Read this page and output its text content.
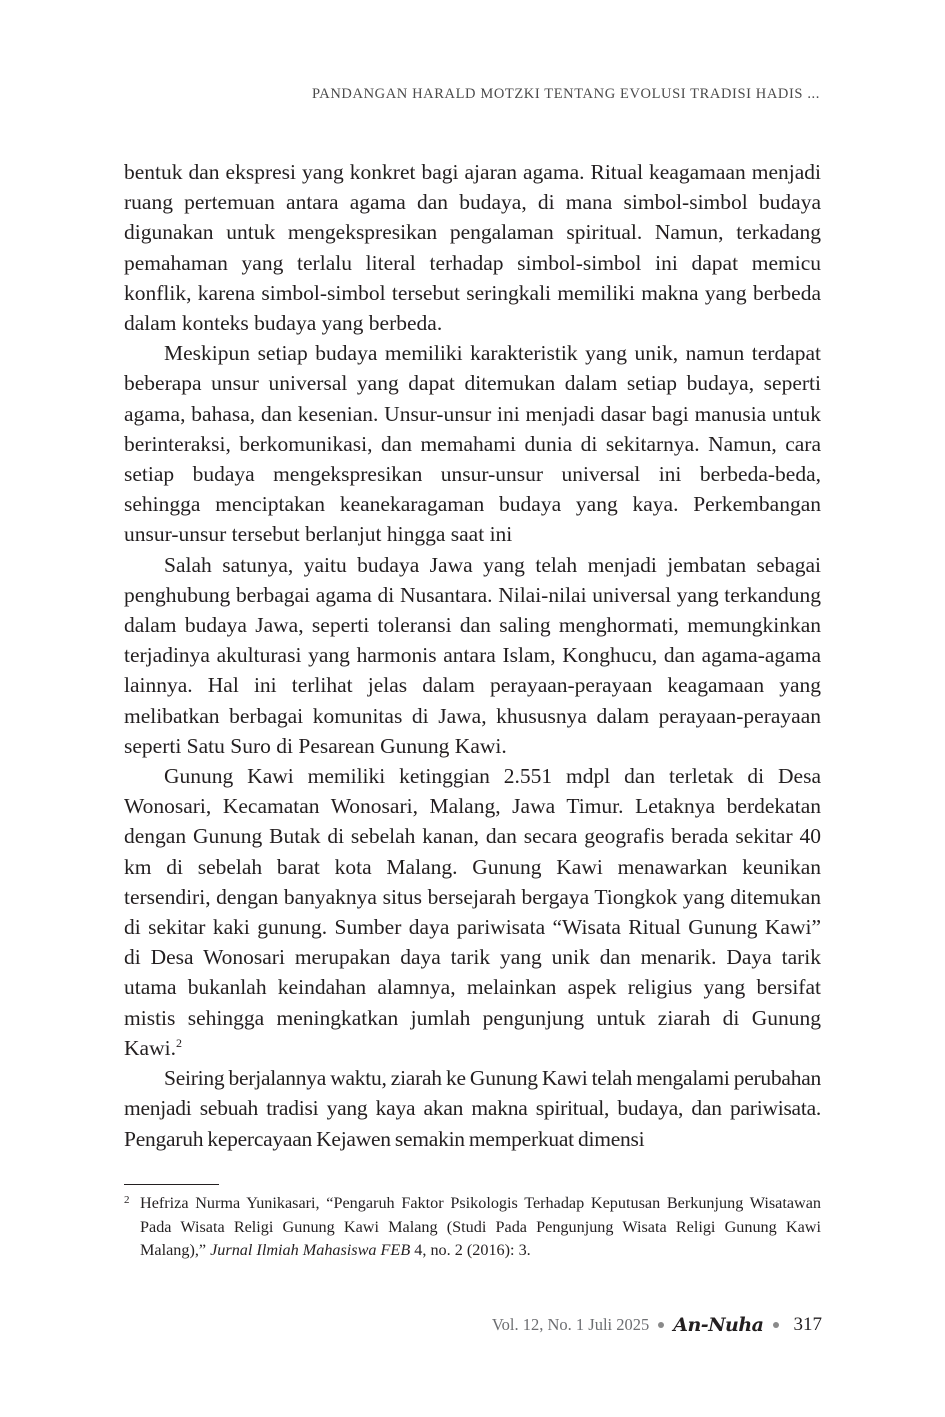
PANDANGAN HARALD MOTZKI TENTANG EVOLUSI TRADISI HADIS ...

bentuk dan ekspresi yang konkret bagi ajaran agama. Ritual keagamaan menjadi ruang pertemuan antara agama dan budaya, di mana simbol-simbol budaya digunakan untuk mengekspresikan pengalaman spiritual. Namun, terkadang pemahaman yang terlalu literal terhadap simbol-simbol ini dapat memicu konflik, karena simbol-simbol tersebut seringkali memiliki makna yang berbeda dalam konteks budaya yang berbeda.

Meskipun setiap budaya memiliki karakteristik yang unik, namun terdapat beberapa unsur universal yang dapat ditemukan dalam setiap budaya, seperti agama, bahasa, dan kesenian. Unsur-unsur ini menjadi dasar bagi manusia untuk berinteraksi, berkomunikasi, dan memahami dunia di sekitarnya. Namun, cara setiap budaya mengekspresikan unsur-unsur universal ini berbeda-beda, sehingga menciptakan keanekaragaman budaya yang kaya. Perkembangan unsur-unsur tersebut berlanjut hingga saat ini

Salah satunya, yaitu budaya Jawa yang telah menjadi jembatan sebagai penghubung berbagai agama di Nusantara. Nilai-nilai universal yang terkandung dalam budaya Jawa, seperti toleransi dan saling menghormati, memungkinkan terjadinya akulturasi yang harmonis antara Islam, Konghucu, dan agama-agama lainnya. Hal ini terlihat jelas dalam perayaan-perayaan keagamaan yang melibatkan berbagai komunitas di Jawa, khususnya dalam perayaan-perayaan seperti Satu Suro di Pesarean Gunung Kawi.

Gunung Kawi memiliki ketinggian 2.551 mdpl dan terletak di Desa Wonosari, Kecamatan Wonosari, Malang, Jawa Timur. Letaknya berdekatan dengan Gunung Butak di sebelah kanan, dan secara geografis berada sekitar 40 km di sebelah barat kota Malang. Gunung Kawi menawarkan keunikan tersendiri, dengan banyaknya situs bersejarah bergaya Tiongkok yang ditemukan di sekitar kaki gunung. Sumber daya pariwisata “Wisata Ritual Gunung Kawi” di Desa Wonosari merupakan daya tarik yang unik dan menarik. Daya tarik utama bukanlah keindahan alamnya, melainkan aspek religius yang bersifat mistis sehingga meningkatkan jumlah pengunjung untuk ziarah di Gunung Kawi.$^2$

Seiring berjalannya waktu, ziarah ke Gunung Kawi telah mengalami perubahan menjadi sebuah tradisi yang kaya akan makna spiritual, budaya, dan pariwisata. Pengaruh kepercayaan Kejawen semakin memperkuat dimensi

2 Hefriza Nurma Yunikasari, “Pengaruh Faktor Psikologis Terhadap Keputusan Berkunjung Wisatawan Pada Wisata Religi Gunung Kawi Malang (Studi Pada Pengunjung Wisata Religi Gunung Kawi Malang),” Jurnal Ilmiah Mahasiswa FEB 4, no. 2 (2016): 3.
Vol. 12, No. 1 Juli 2025 An-Nuha 317
